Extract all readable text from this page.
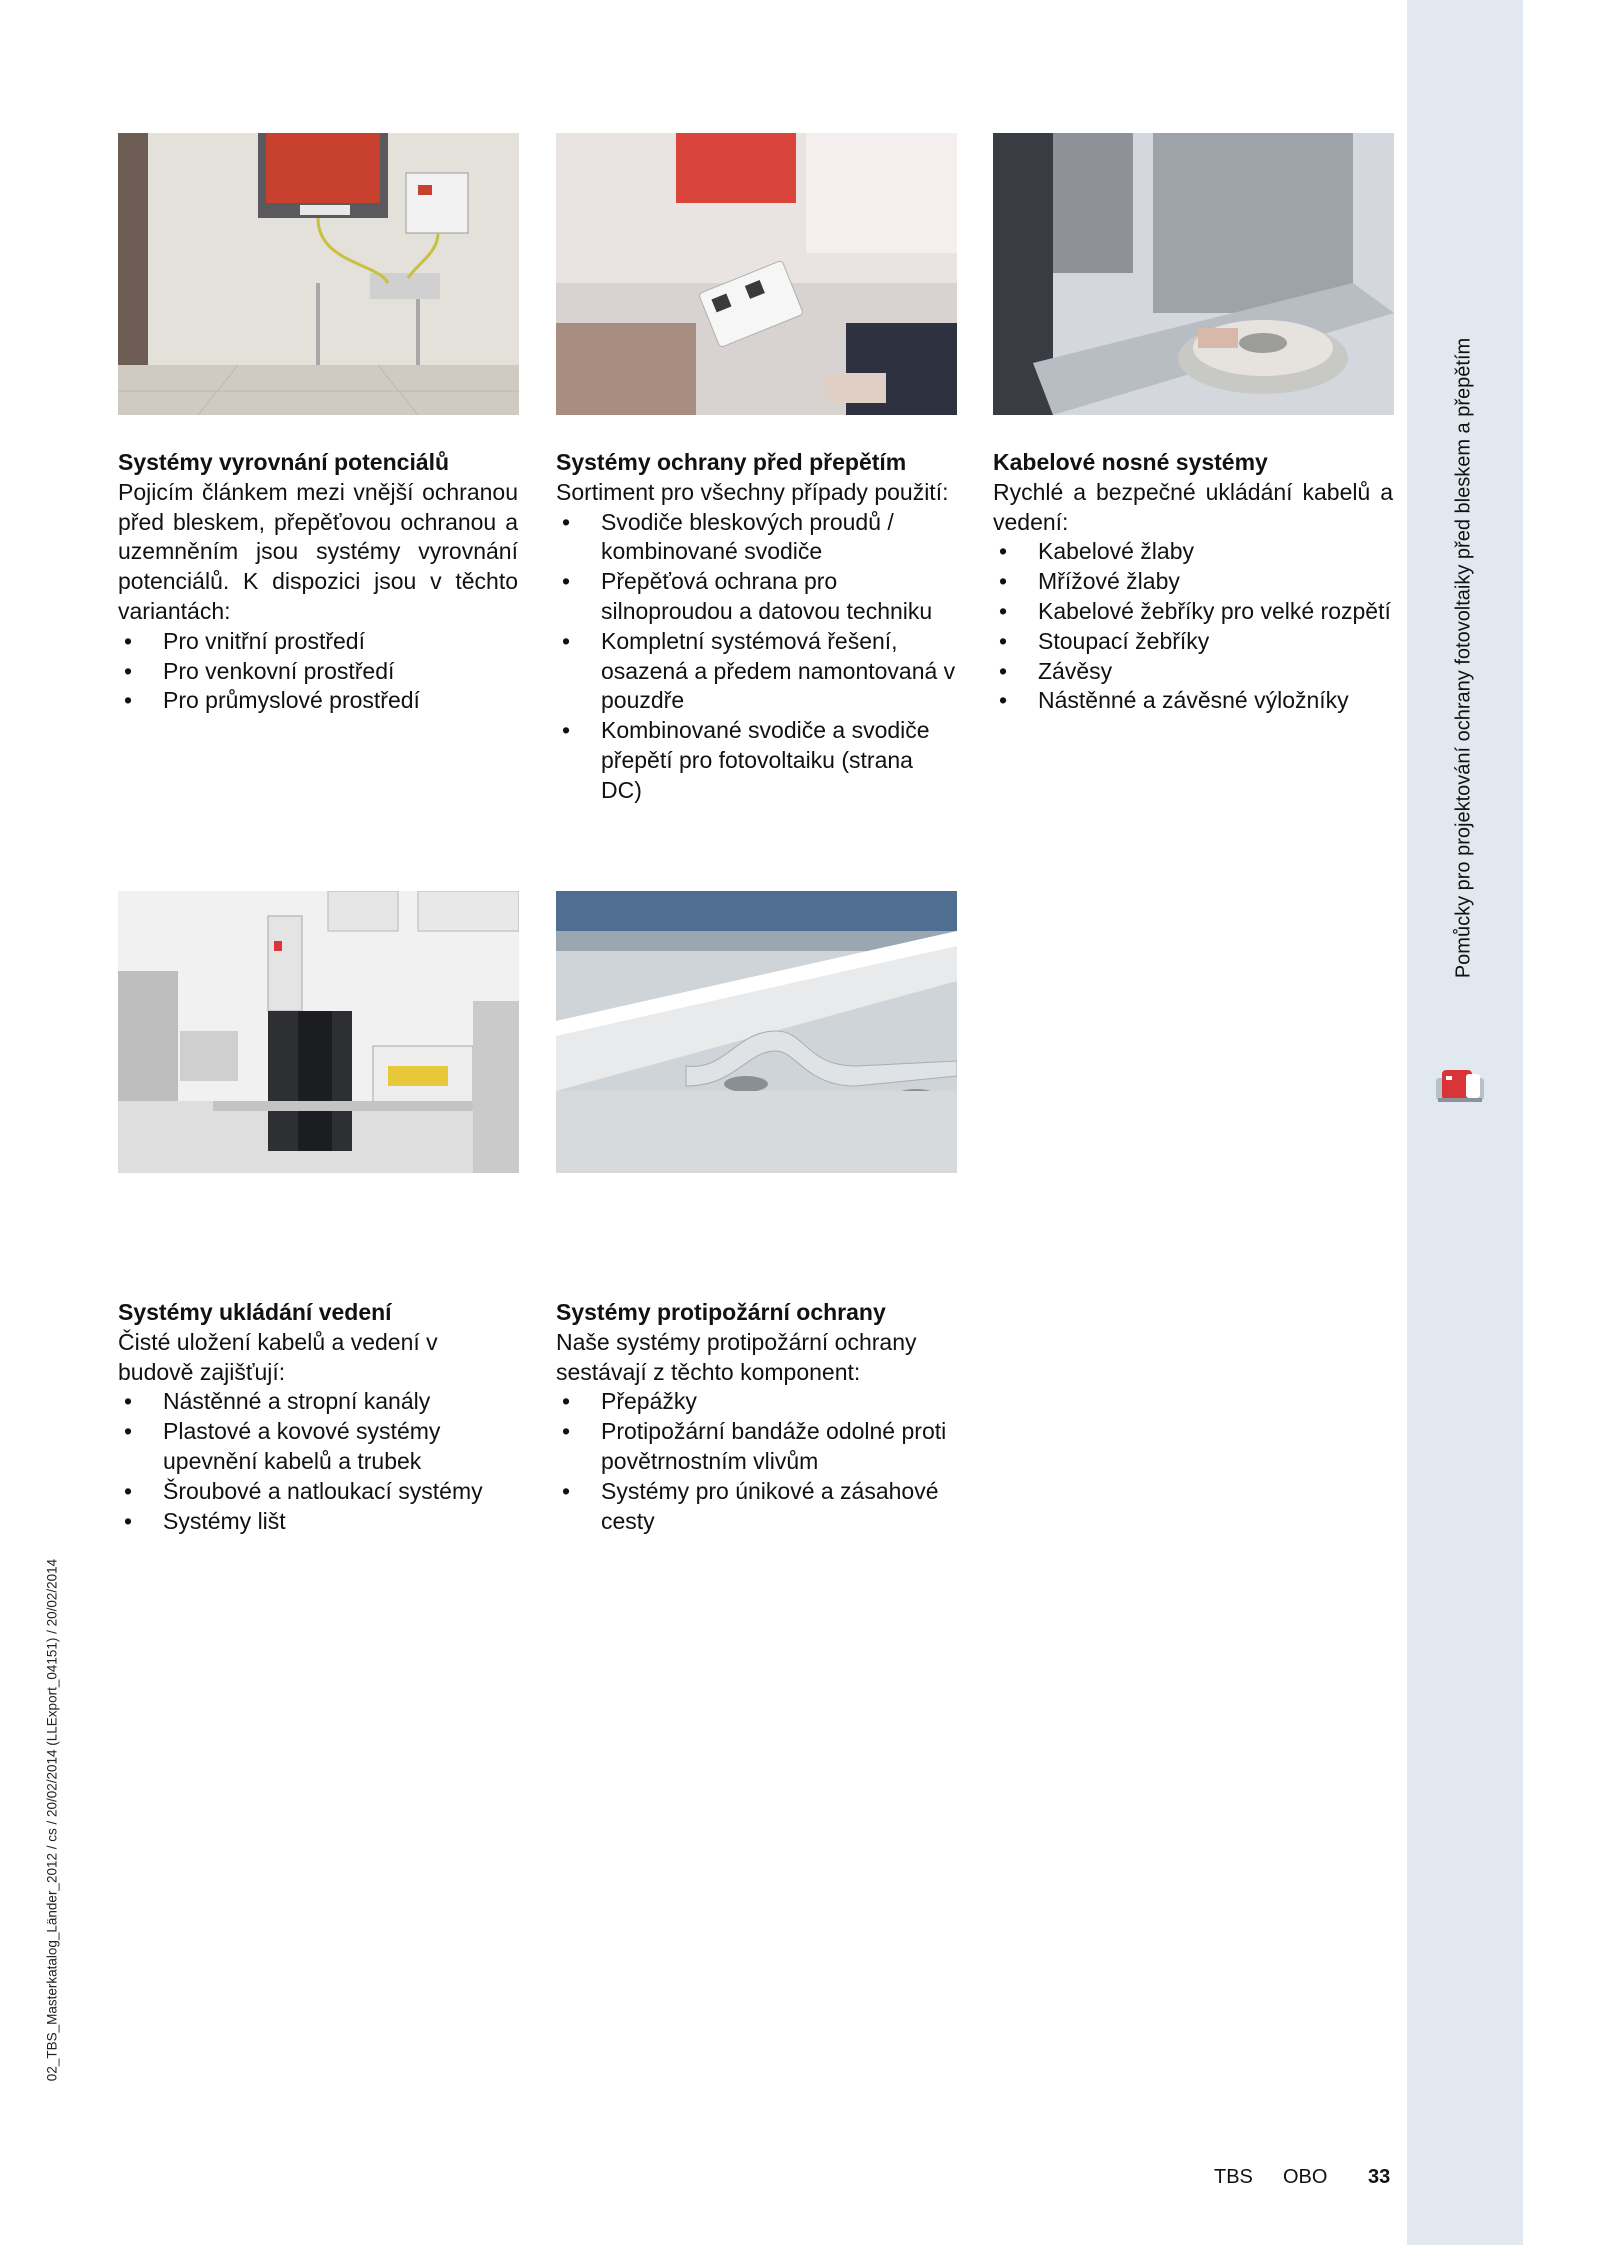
Pomůcky pro projektování ochrany fotovoltaiky před bleskem a přepětím
02_TBS_Masterkatalog_Länder_2012 / cs / 20/02/2014 (LLExport_04151) / 20/02/2014
Systémy vyrovnání potenciálů

Pojicím článkem mezi vnější ochranou před bleskem, přepěťovou ochranou a uzemněním jsou systémy vyrovnání potenciálů. K dispozici jsou v těchto variantách:

• Pro vnitřní prostředí
• Pro venkovní prostředí
• Pro průmyslové prostředí
Systémy ochrany před přepětím

Sortiment pro všechny případy použití:

• Svodiče bleskových proudů / kombinované svodiče
• Přepěťová ochrana pro silnoproudou a datovou techniku
• Kompletní systémová řešení, osazená a předem namontovaná v pouzdře
• Kombinované svodiče a svodiče přepětí pro fotovoltaiku (strana DC)
Kabelové nosné systémy

Rychlé a bezpečné ukládání kabelů a vedení:

• Kabelové žlaby
• Mřížové žlaby
• Kabelové žebříky pro velké rozpětí
• Stoupací žebříky
• Závěsy
• Nástěnné a závěsné výložníky
Systémy ukládání vedení

Čisté uložení kabelů a vedení v budově zajišťují:

• Nástěnné a stropní kanály
• Plastové a kovové systémy upevnění kabelů a trubek
• Šroubové a natloukací systémy
• Systémy lišt
Systémy protipožární ochrany

Naše systémy protipožární ochrany sestávají z těchto komponent:

• Přepážky
• Protipožární bandáže odolné proti povětrnostním vlivům
• Systémy pro únikové a zásahové cesty
TBS OBO 33
